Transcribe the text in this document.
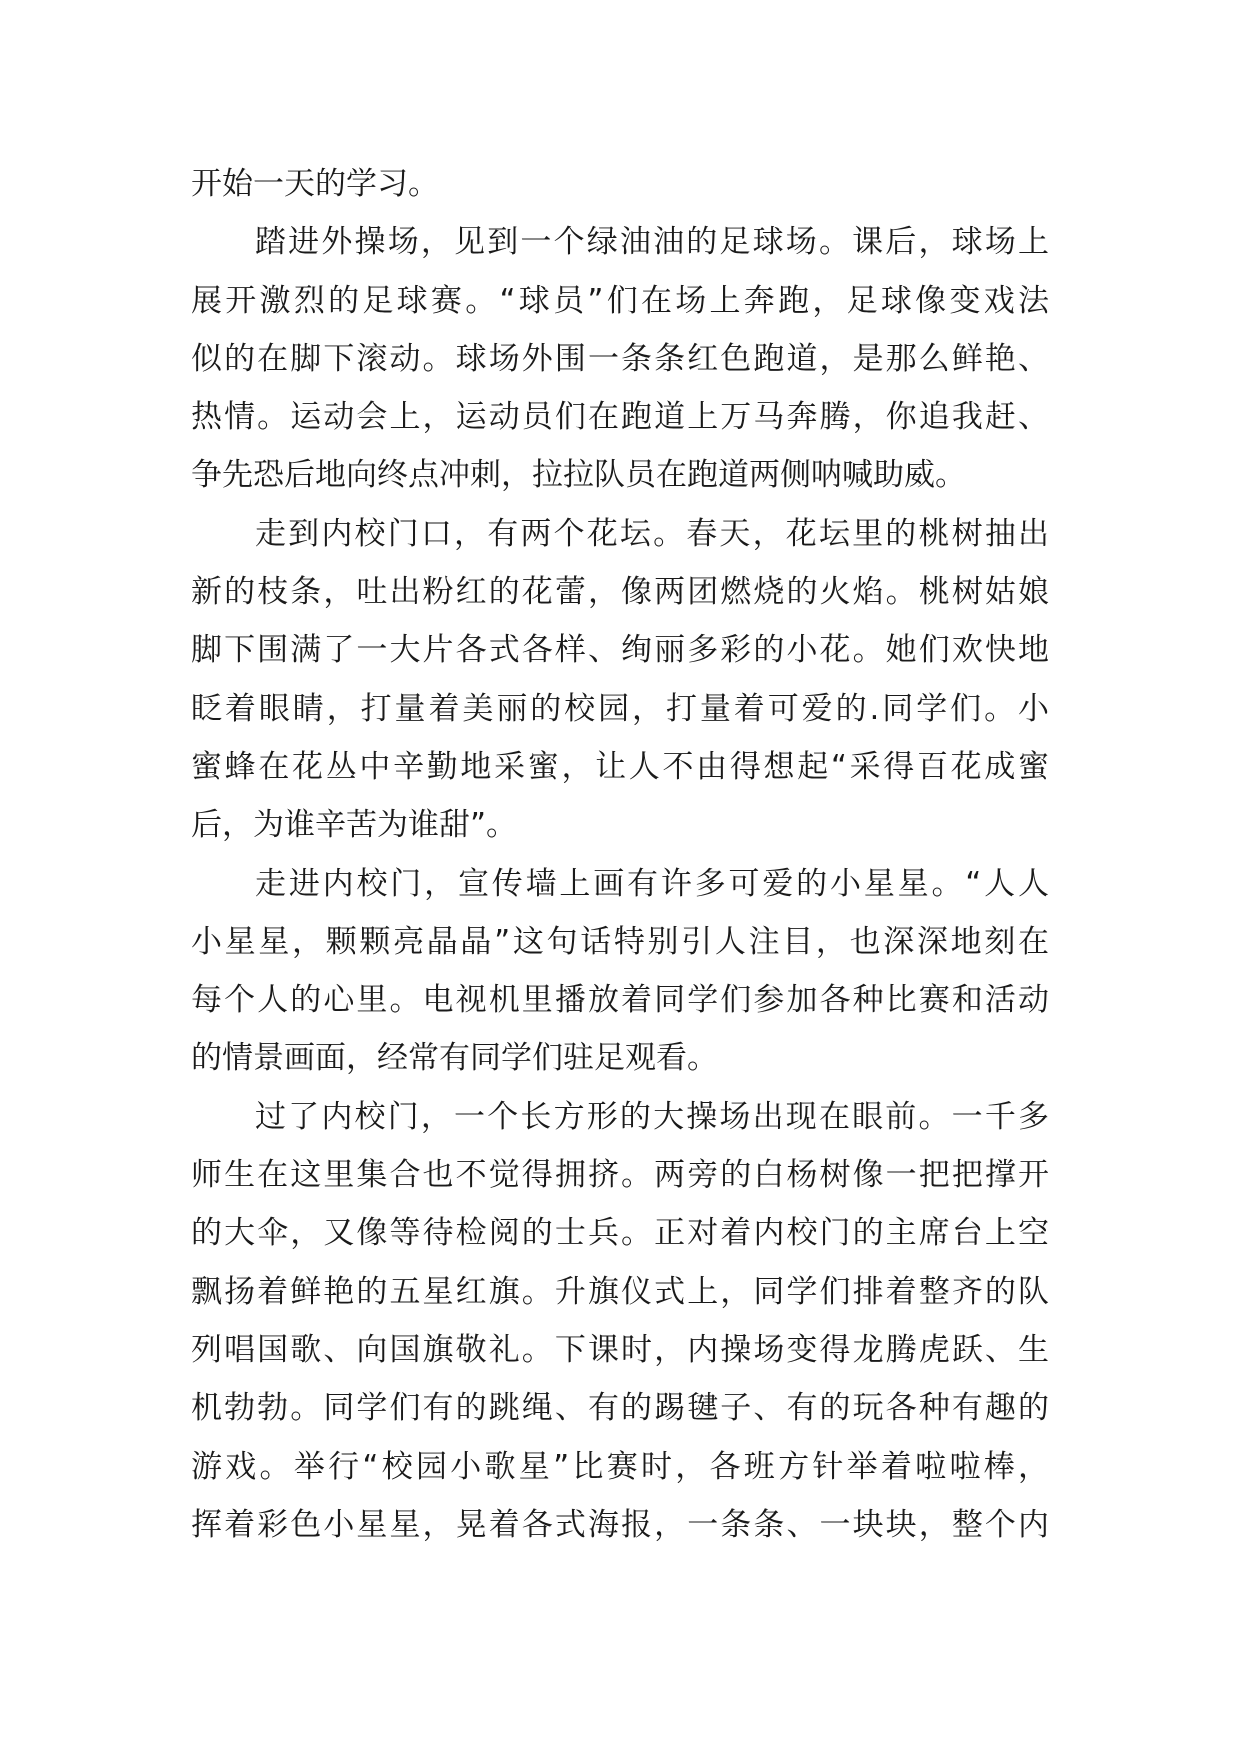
开始一天的学习。
踏进外操场，见到一个绿油油的足球场。课后，球场上
展开激烈的足球赛。“球员”们在场上奔跑，足球像变戏法
似的在脚下滚动。球场外围一条条红色跑道，是那么鲜艳、
热情。运动会上，运动员们在跑道上万马奔腾，你追我赶、
争先恐后地向终点冲刺，拉拉队员在跑道两侧呐喊助威。
走到内校门口，有两个花坛。春天，花坛里的桃树抽出
新的枝条，吐出粉红的花蕾，像两团燃烧的火焰。桃树姑娘
脚下围满了一大片各式各样、绚丽多彩的小花。她们欢快地
眨着眼睛，打量着美丽的校园，打量着可爱的.同学们。小
蜜蜂在花丛中辛勤地采蜜，让人不由得想起“采得百花成蜜
后，为谁辛苦为谁甜”。
走进内校门，宣传墙上画有许多可爱的小星星。“人人
小星星，颗颗亮晶晶”这句话特别引人注目，也深深地刻在
每个人的心里。电视机里播放着同学们参加各种比赛和活动
的情景画面，经常有同学们驻足观看。
过了内校门，一个长方形的大操场出现在眼前。一千多
师生在这里集合也不觉得拥挤。两旁的白杨树像一把把撑开
的大伞，又像等待检阅的士兵。正对着内校门的主席台上空
飘扬着鲜艳的五星红旗。升旗仪式上，同学们排着整齐的队
列唱国歌、向国旗敬礼。下课时，内操场变得龙腾虎跃、生
机勃勃。同学们有的跳绳、有的踢毽子、有的玩各种有趣的
游戏。举行“校园小歌星”比赛时，各班方针举着啦啦棒，
挥着彩色小星星，晃着各式海报，一条条、一块块，整个内
